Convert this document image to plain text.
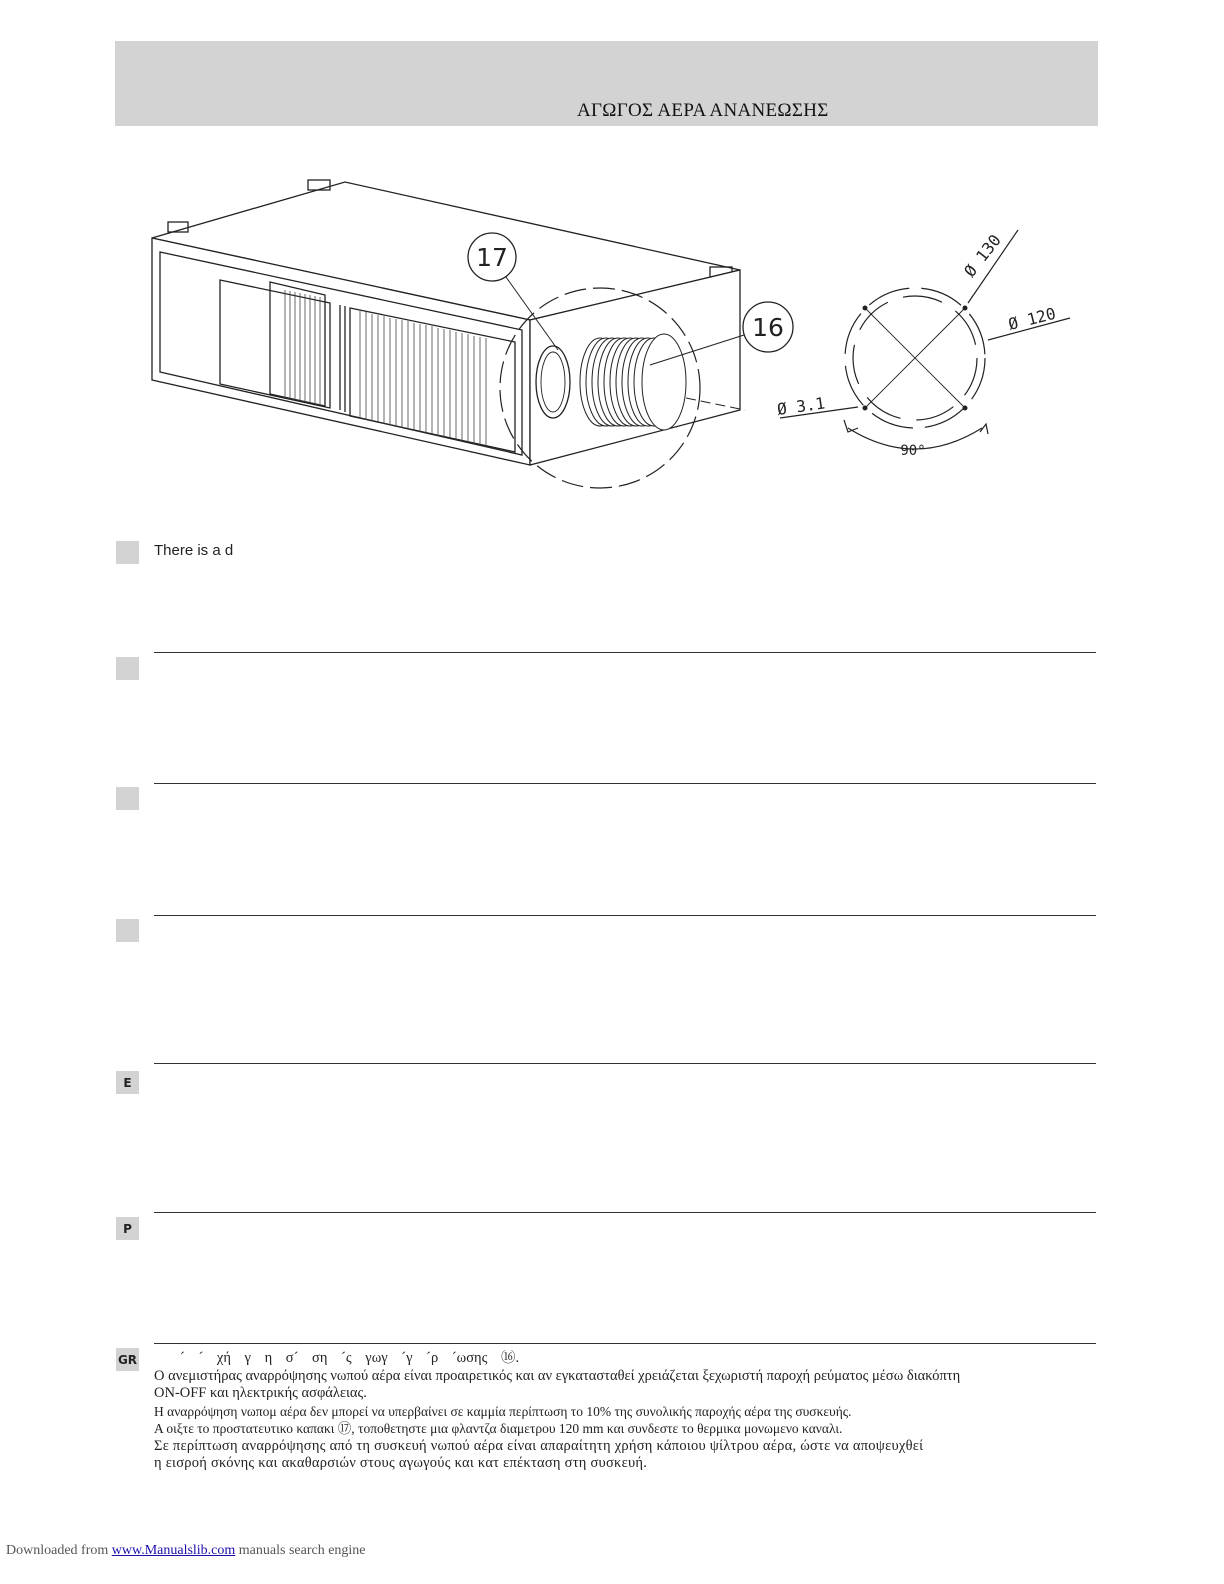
ΑΓΩΓΟΣ ΑΕΡΑ ΑΝΑΝΕΩΣΗΣ
17
16
Ø 130
Ø 120
Ø 3.1
90°
There is a d
E
P
GR	´ ´ χή γ η σ´ ση ´ς γωγ ´γ ´ρ ´ωσης ⑯.
Ο ανεμιστήρας αναρρόψησης νωπού αέρα είναι προαιρετικός και αν εγκατασταθεί χρειάζεται ξεχωριστή παροχή ρεύματος μέσω διακόπτη
ON-OFF και ηλεκτρικής ασφάλειας.
Η αναρρόψηση νωπομ αέρα δεν μπορεί να υπερβαίνει σε καμμία περίπτωση το 10% της συνολικής παροχής αέρα της συσκευής.
Α οιξτε το προστατευτικο καπακι ⑰, τοποθετηστε μια φλαντζα διαμετρου 120 mm και συνδεστε το θερμικα μονωμενο καναλι.
Σε περίπτωση αναρρόψησης από τη συσκευή νωπού αέρα είναι απαραίτητη χρήση κάποιου ψίλτρου αέρα, ώστε να αποψευχθεί
η εισροή σκόνης και ακαθαρσιών στους αγωγούς και κατ επέκταση στη συσκευή.
Downloaded from www.Manualslib.com manuals search engine
